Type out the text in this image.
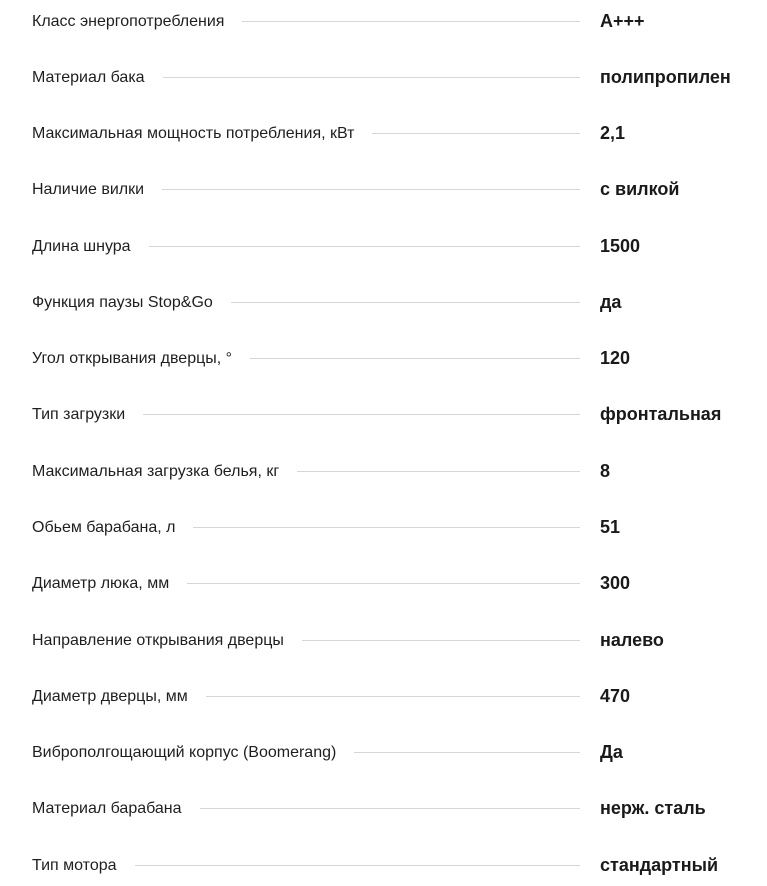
Класс энергопотребления	A+++
Материал бака	полипропилен
Максимальная мощность потребления, кВт	2,1
Наличие вилки	с вилкой
Длина шнура	1500
Функция паузы Stop&Go	да
Угол открывания дверцы, °	120
Тип загрузки	фронтальная
Максимальная загрузка белья, кг	8
Обьем барабана, л	51
Диаметр люка, мм	300
Направление открывания дверцы	налево
Диаметр дверцы, мм	470
Виброполгощающий корпус (Boomerang)	Да
Материал барабана	нерж. сталь
Тип мотора	стандартный
